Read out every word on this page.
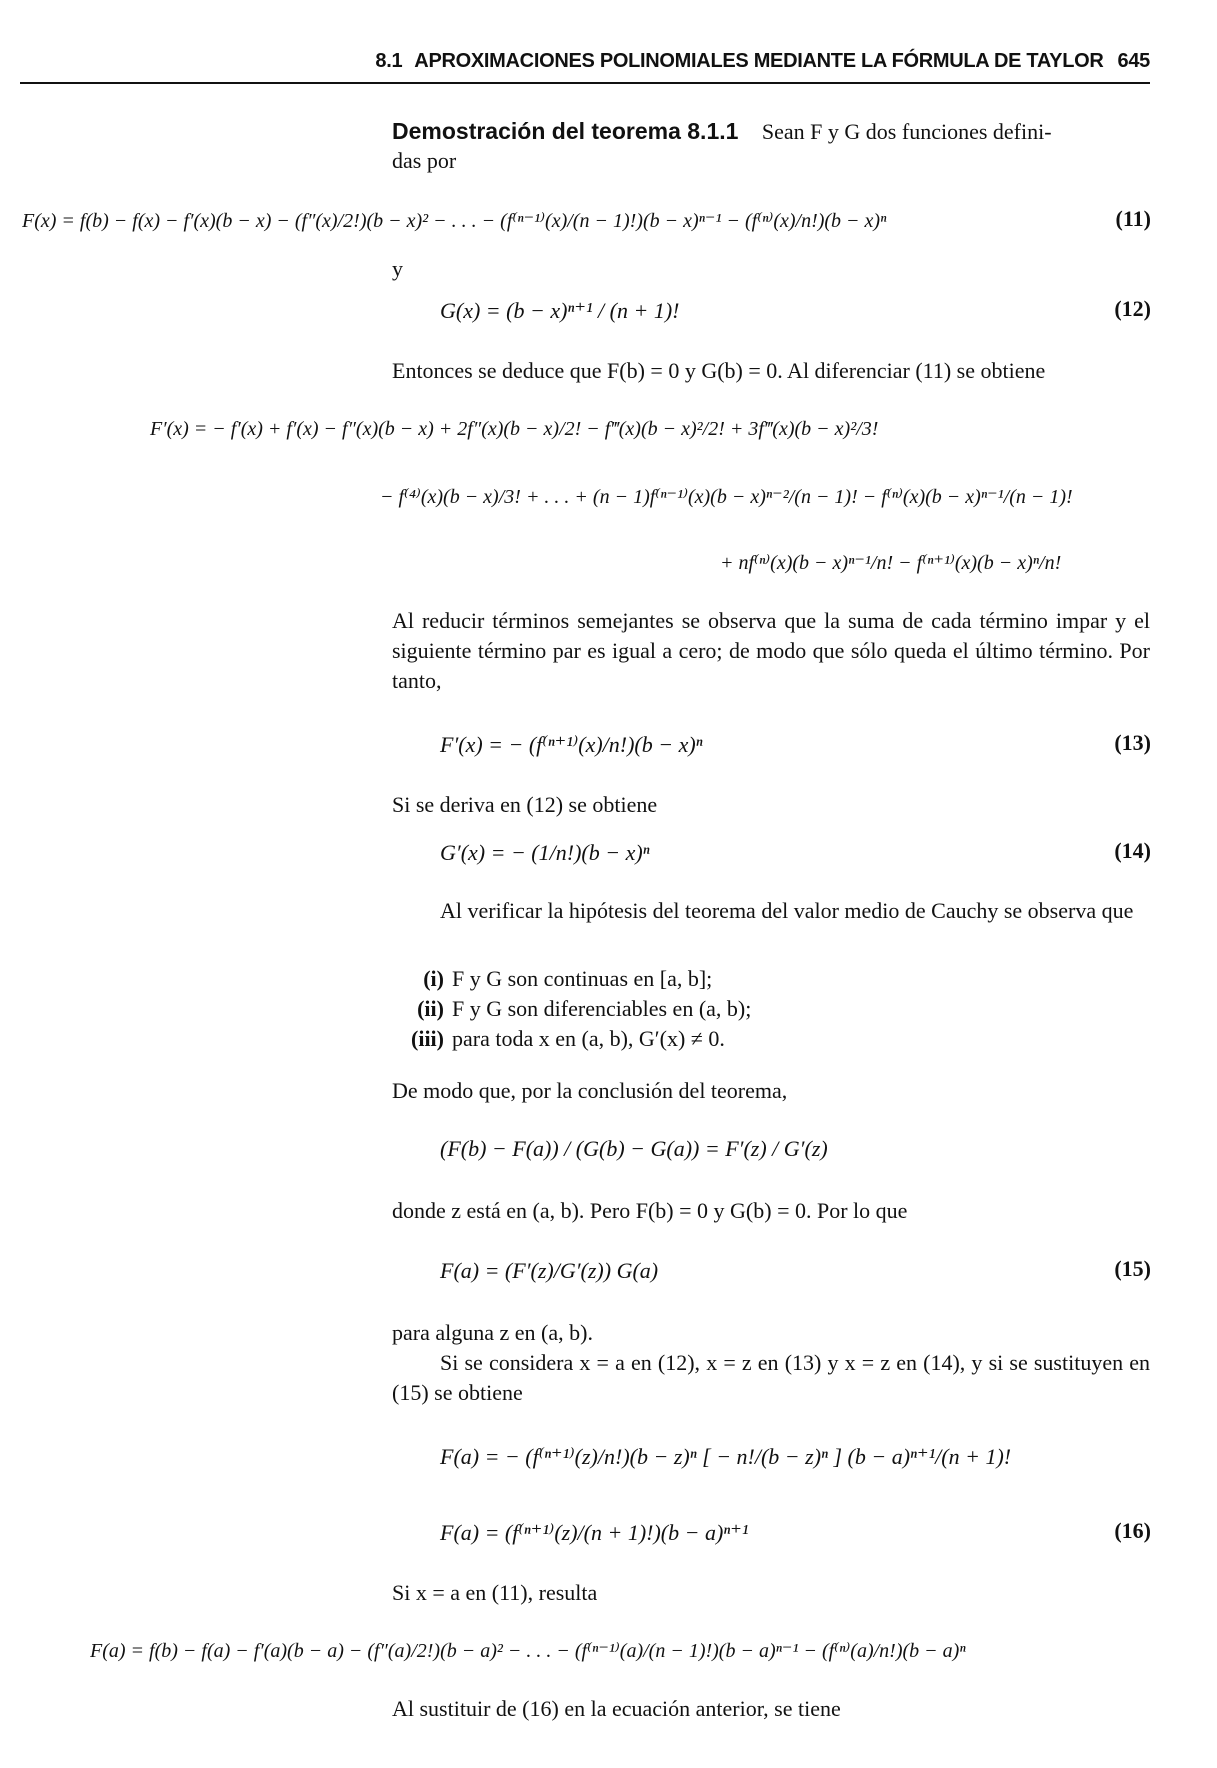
8.1 APROXIMACIONES POLINOMIALES MEDIANTE LA FÓRMULA DE TAYLOR 645
Demostración del teorema 8.1.1 Sean F y G dos funciones defini-
das por
F(x) = f(b) − f(x) − f′(x)(b − x) − (f″(x)/2!)(b − x)² − . . . − (f⁽ⁿ⁻¹⁾(x)/(n − 1)!)(b − x)ⁿ⁻¹ − (f⁽ⁿ⁾(x)/n!)(b − x)ⁿ	(11)
y
G(x) = (b − x)ⁿ⁺¹ / (n + 1)!	(12)
Entonces se deduce que F(b) = 0 y G(b) = 0. Al diferenciar (11) se obtiene
F′(x) = − f′(x) + f′(x) − f″(x)(b − x) + 2f″(x)(b − x)/2! − f‴(x)(b − x)²/2! + 3f‴(x)(b − x)²/3!
− f⁽⁴⁾(x)(b − x)/3! + . . . + (n − 1)f⁽ⁿ⁻¹⁾(x)(b − x)ⁿ⁻²/(n − 1)! − f⁽ⁿ⁾(x)(b − x)ⁿ⁻¹/(n − 1)!
+ nf⁽ⁿ⁾(x)(b − x)ⁿ⁻¹/n! − f⁽ⁿ⁺¹⁾(x)(b − x)ⁿ/n!
Al reducir términos semejantes se observa que la suma de cada término impar y el siguiente término par es igual a cero; de modo que sólo queda el último término. Por tanto,
F′(x) = − (f⁽ⁿ⁺¹⁾(x)/n!)(b − x)ⁿ	(13)
Si se deriva en (12) se obtiene
G′(x) = − (1/n!)(b − x)ⁿ	(14)
Al verificar la hipótesis del teorema del valor medio de Cauchy se observa que
(i) F y G son continuas en [a, b];
(ii) F y G son diferenciables en (a, b);
(iii) para toda x en (a, b), G′(x) ≠ 0.
De modo que, por la conclusión del teorema,
(F(b) − F(a)) / (G(b) − G(a)) = F′(z) / G′(z)
donde z está en (a, b). Pero F(b) = 0 y G(b) = 0. Por lo que
F(a) = (F′(z)/G′(z)) G(a)	(15)
para alguna z en (a, b).
Si se considera x = a en (12), x = z en (13) y x = z en (14), y si se sustituyen en (15) se obtiene
F(a) = − (f⁽ⁿ⁺¹⁾(z)/n!)(b − z)ⁿ [ − n!/(b − z)ⁿ ] (b − a)ⁿ⁺¹/(n + 1)!
F(a) = (f⁽ⁿ⁺¹⁾(z)/(n + 1)!)(b − a)ⁿ⁺¹	(16)
Si x = a en (11), resulta
F(a) = f(b) − f(a) − f′(a)(b − a) − (f″(a)/2!)(b − a)² − . . . − (f⁽ⁿ⁻¹⁾(a)/(n − 1)!)(b − a)ⁿ⁻¹ − (f⁽ⁿ⁾(a)/n!)(b − a)ⁿ
Al sustituir de (16) en la ecuación anterior, se tiene
